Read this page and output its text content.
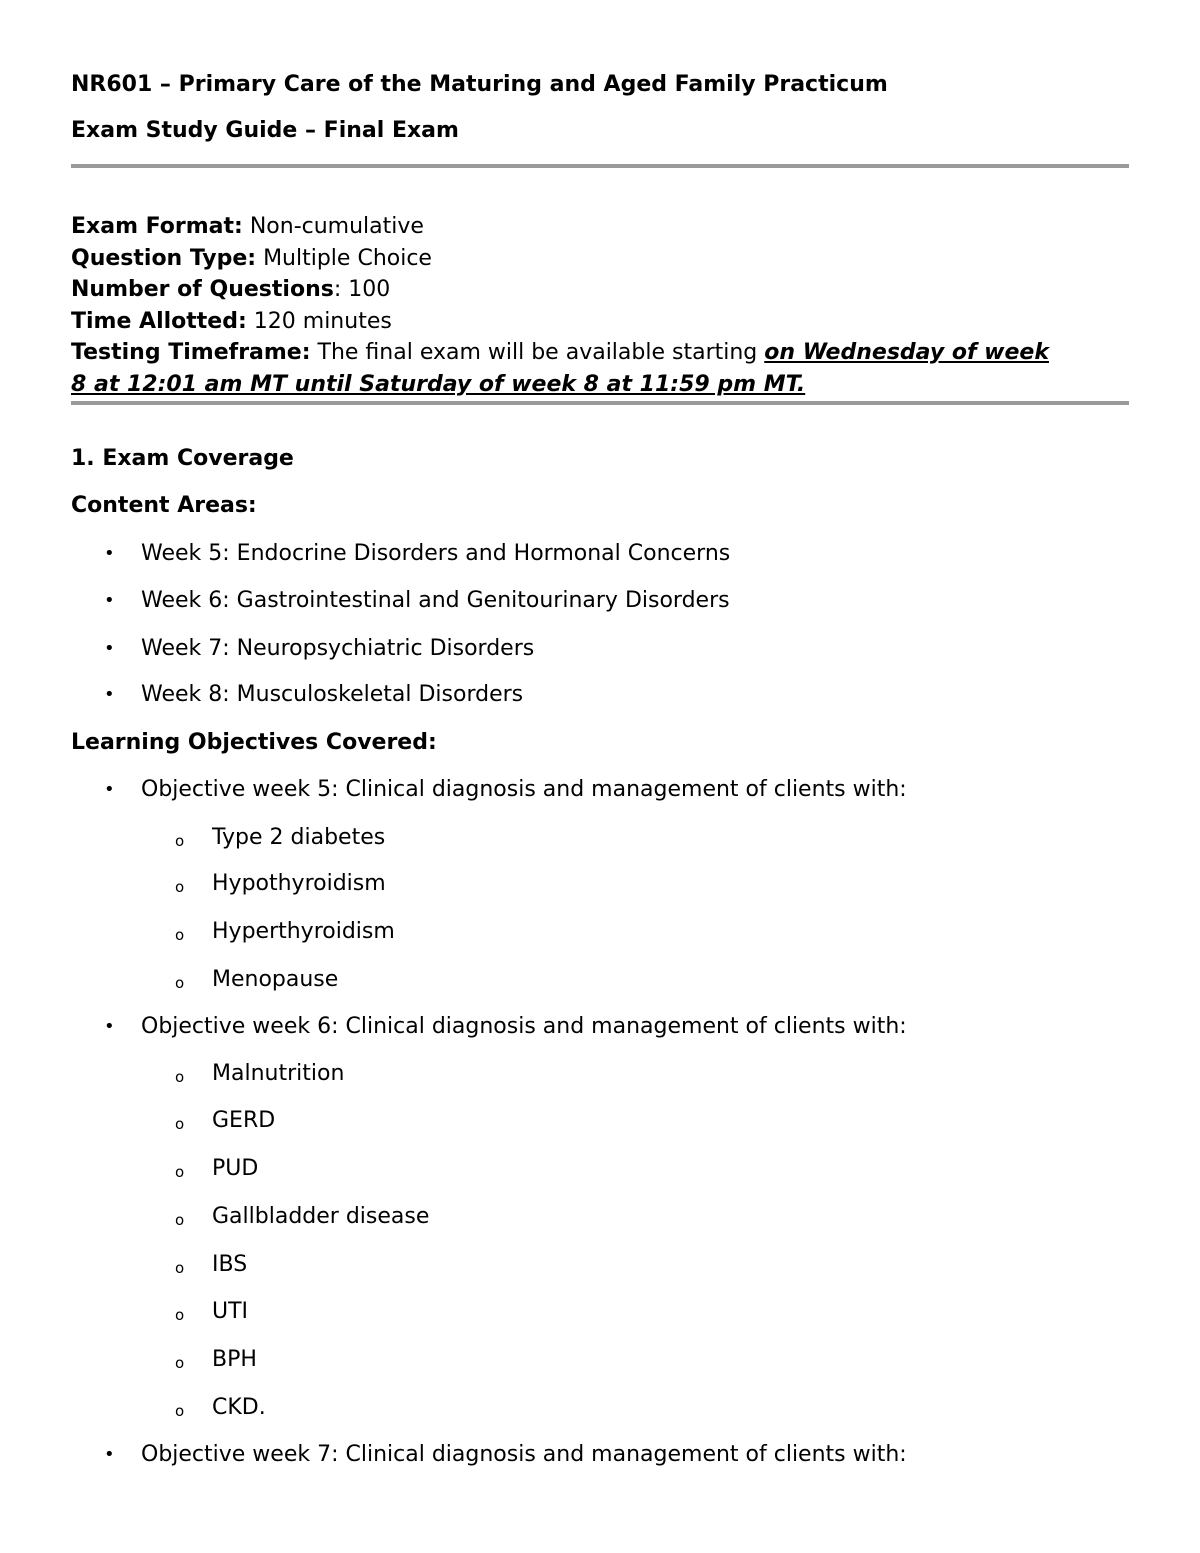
NR601 – Primary Care of the Maturing and Aged Family Practicum
Exam Study Guide – Final Exam
Exam Format: Non-cumulative
Question Type: Multiple Choice
Number of Questions: 100
Time Allotted: 120 minutes
Testing Timeframe: The final exam will be available starting on Wednesday of week
8 at 12:01 am MT until Saturday of week 8 at 11:59 pm MT.
1. Exam Coverage
Content Areas:
• Week 5: Endocrine Disorders and Hormonal Concerns
• Week 6: Gastrointestinal and Genitourinary Disorders
• Week 7: Neuropsychiatric Disorders
• Week 8: Musculoskeletal Disorders
Learning Objectives Covered:
• Objective week 5: Clinical diagnosis and management of clients with:
o Type 2 diabetes
o Hypothyroidism
o Hyperthyroidism
o Menopause
• Objective week 6: Clinical diagnosis and management of clients with:
o Malnutrition
o GERD
o PUD
o Gallbladder disease
o IBS
o UTI
o BPH
o CKD.
• Objective week 7: Clinical diagnosis and management of clients with:
